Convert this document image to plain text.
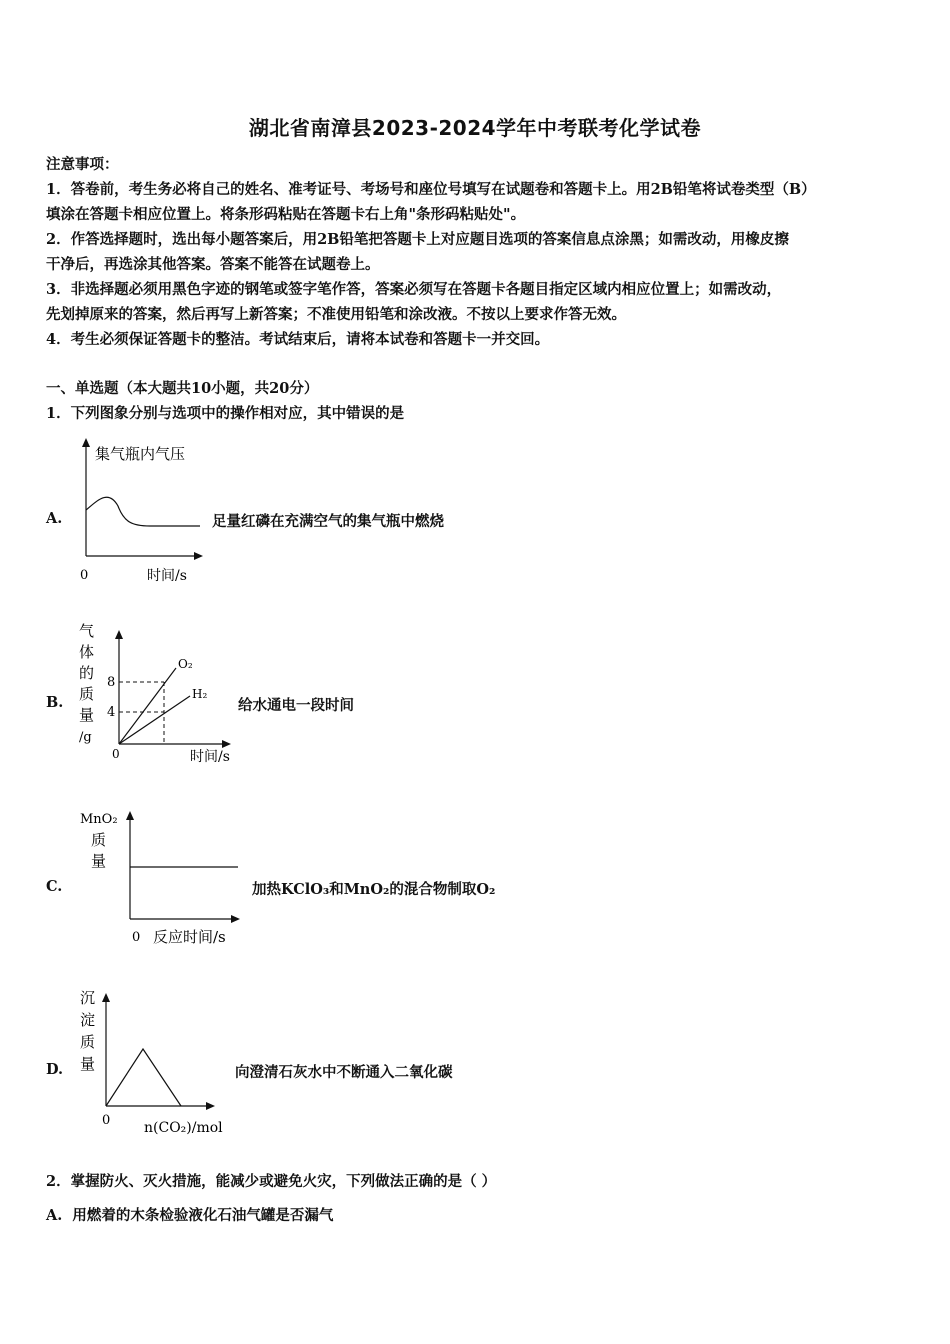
湖北省南漳县2023-2024学年中考联考化学试卷
注意事项：
1．答卷前，考生务必将自己的姓名、准考证号、考场号和座位号填写在试题卷和答题卡上。用2B铅笔将试卷类型（B）
填涂在答题卡相应位置上。将条形码粘贴在答题卡右上角"条形码粘贴处"。
2．作答选择题时，选出每小题答案后，用2B铅笔把答题卡上对应题目选项的答案信息点涂黑；如需改动，用橡皮擦
干净后，再选涂其他答案。答案不能答在试题卷上。
3．非选择题必须用黑色字迹的钢笔或签字笔作答，答案必须写在答题卡各题目指定区域内相应位置上；如需改动，
先划掉原来的答案，然后再写上新答案；不准使用铅笔和涂改液。不按以上要求作答无效。
4．考生必须保证答题卡的整洁。考试结束后，请将本试卷和答题卡一并交回。
一、单选题（本大题共10小题，共20分）
1．下列图象分别与选项中的操作相对应，其中错误的是
A.
集气瓶内气压
0	时间/s
足量红磷在充满空气的集气瓶中燃烧
B.
气
体
的
质
量
/g
8
4
O₂
H₂
0	时间/s
给水通电一段时间
C.
MnO₂
质
量
0 反应时间/s
加热KClO₃和MnO₂的混合物制取O₂
D.
沉
淀
质
量
0 n(CO₂)/mol
向澄清石灰水中不断通入二氧化碳
2．掌握防火、灭火措施，能减少或避免火灾，下列做法正确的是（ ）
A. 用燃着的木条检验液化石油气罐是否漏气
